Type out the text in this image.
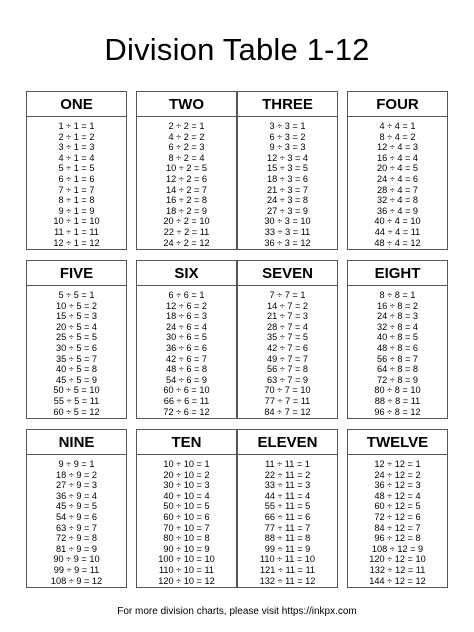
Division Table 1-12
ONE
1 ÷ 1 = 1
2 ÷ 1 = 2
3 ÷ 1 = 3
4 ÷ 1 = 4
5 ÷ 1 = 5
6 ÷ 1 = 6
7 ÷ 1 = 7
8 ÷ 1 = 8
9 ÷ 1 = 9
10 ÷ 1 = 10
11 ÷ 1 = 11
12 ÷ 1 = 12
TWO
2 ÷ 2 = 1
4 ÷ 2 = 2
6 ÷ 2 = 3
8 ÷ 2 = 4
10 ÷ 2 = 5
12 ÷ 2 = 6
14 ÷ 2 = 7
16 ÷ 2 = 8
18 ÷ 2 = 9
20 ÷ 2 = 10
22 ÷ 2 = 11
24 ÷ 2 = 12
THREE
3 ÷ 3 = 1
6 ÷ 3 = 2
9 ÷ 3 = 3
12 ÷ 3 = 4
15 ÷ 3 = 5
18 ÷ 3 = 6
21 ÷ 3 = 7
24 ÷ 3 = 8
27 ÷ 3 = 9
30 ÷ 3 = 10
33 ÷ 3 = 11
36 ÷ 3 = 12
FOUR
4 ÷ 4 = 1
8 ÷ 4 = 2
12 ÷ 4 = 3
16 ÷ 4 = 4
20 ÷ 4 = 5
24 ÷ 4 = 6
28 ÷ 4 = 7
32 ÷ 4 = 8
36 ÷ 4 = 9
40 ÷ 4 = 10
44 ÷ 4 = 11
48 ÷ 4 = 12
FIVE
5 ÷ 5 = 1
10 ÷ 5 = 2
15 ÷ 5 = 3
20 ÷ 5 = 4
25 ÷ 5 = 5
30 ÷ 5 = 6
35 ÷ 5 = 7
40 ÷ 5 = 8
45 ÷ 5 = 9
50 ÷ 5 = 10
55 ÷ 5 = 11
60 ÷ 5 = 12
SIX
6 ÷ 6 = 1
12 ÷ 6 = 2
18 ÷ 6 = 3
24 ÷ 6 = 4
30 ÷ 6 = 5
36 ÷ 6 = 6
42 ÷ 6 = 7
48 ÷ 6 = 8
54 ÷ 6 = 9
60 ÷ 6 = 10
66 ÷ 6 = 11
72 ÷ 6 = 12
SEVEN
7 ÷ 7 = 1
14 ÷ 7 = 2
21 ÷ 7 = 3
28 ÷ 7 = 4
35 ÷ 7 = 5
42 ÷ 7 = 6
49 ÷ 7 = 7
56 ÷ 7 = 8
63 ÷ 7 = 9
70 ÷ 7 = 10
77 ÷ 7 = 11
84 ÷ 7 = 12
EIGHT
8 ÷ 8 = 1
16 ÷ 8 = 2
24 ÷ 8 = 3
32 ÷ 8 = 4
40 ÷ 8 = 5
48 ÷ 8 = 6
56 ÷ 8 = 7
64 ÷ 8 = 8
72 ÷ 8 = 9
80 ÷ 8 = 10
88 ÷ 8 = 11
96 ÷ 8 = 12
NINE
9 ÷ 9 = 1
18 ÷ 9 = 2
27 ÷ 9 = 3
36 ÷ 9 = 4
45 ÷ 9 = 5
54 ÷ 9 = 6
63 ÷ 9 = 7
72 ÷ 9 = 8
81 ÷ 9 = 9
90 ÷ 9 = 10
99 ÷ 9 = 11
108 ÷ 9 = 12
TEN
10 ÷ 10 = 1
20 ÷ 10 = 2
30 ÷ 10 = 3
40 ÷ 10 = 4
50 ÷ 10 = 5
60 ÷ 10 = 6
70 ÷ 10 = 7
80 ÷ 10 = 8
90 ÷ 10 = 9
100 ÷ 10 = 10
110 ÷ 10 = 11
120 ÷ 10 = 12
ELEVEN
11 ÷ 11 = 1
22 ÷ 11 = 2
33 ÷ 11 = 3
44 ÷ 11 = 4
55 ÷ 11 = 5
66 ÷ 11 = 6
77 ÷ 11 = 7
88 ÷ 11 = 8
99 ÷ 11 = 9
110 ÷ 11 = 10
121 ÷ 11 = 11
132 ÷ 11 = 12
TWELVE
12 ÷ 12 = 1
24 ÷ 12 = 2
36 ÷ 12 = 3
48 ÷ 12 = 4
60 ÷ 12 = 5
72 ÷ 12 = 6
84 ÷ 12 = 7
96 ÷ 12 = 8
108 ÷ 12 = 9
120 ÷ 12 = 10
132 ÷ 12 = 11
144 ÷ 12 = 12
For more division charts, please visit https://inkpx.com
